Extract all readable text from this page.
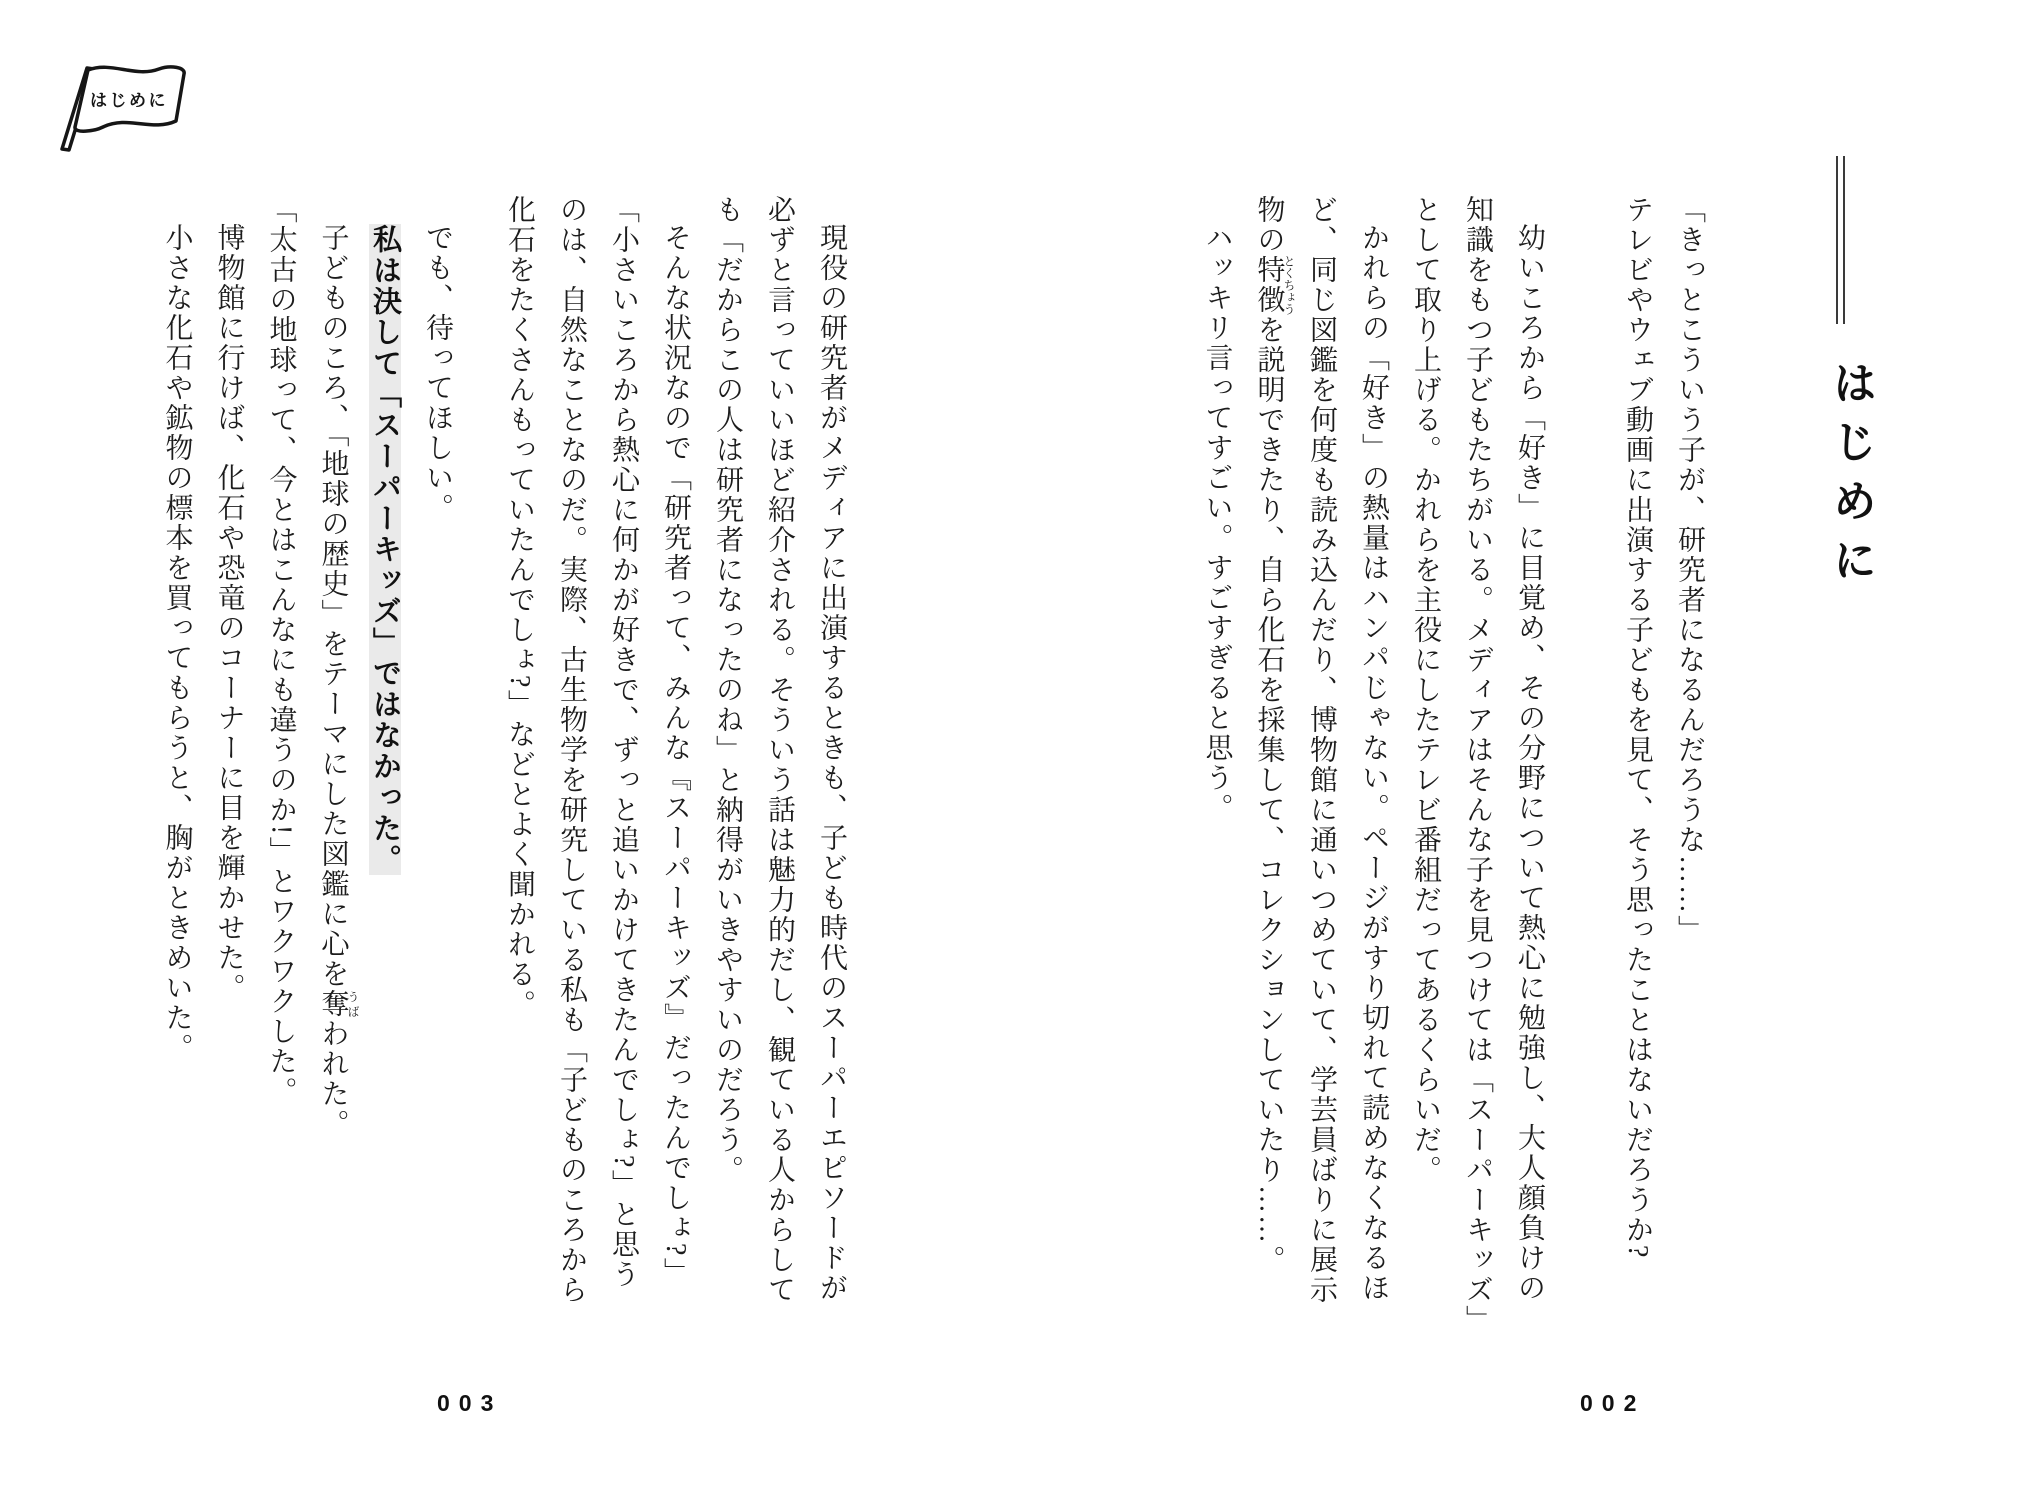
はじめに
はじめに

「きっとこういう子が、研究者になるんだろうな……」

テレビやウェブ動画に出演する子どもを見て、そう思ったことはないだろうか?

幼いころから「好き」に目覚め、その分野について熱心に勉強し、大人顔負けの

知識をもつ子どもたちがいる。メディアはそんな子を見つけては「スーパーキッズ」

として取り上げる。かれらを主役にしたテレビ番組だってあるくらいだ。

かれらの「好き」の熱量はハンパじゃない。ページがすり切れて読めなくなるほ

ど、同じ図鑑を何度も読み込んだり、博物館に通いつめていて、学芸員ばりに展示

物の特徴とくちょうを説明できたり、自ら化石を採集して、コレクションしていたり……。

ハッキリ言ってすごい。すごすぎると思う。

002

現役の研究者がメディアに出演するときも、子ども時代のスーパーエピソードが

必ずと言っていいほど紹介される。そういう話は魅力的だし、観ている人からして

も「だからこの人は研究者になったのね」と納得がいきやすいのだろう。

そんな状況なので「研究者って、みんな『スーパーキッズ』だったんでしょ?」

「小さいころから熱心に何かが好きで、ずっと追いかけてきたんでしょ?」と思う

のは、自然なことなのだ。実際、古生物学を研究している私も「子どものころから

化石をたくさんもっていたんでしょ?」などとよく聞かれる。

でも、待ってほしい。

私は決して「スーパーキッズ」ではなかった。

子どものころ、「地球の歴史」をテーマにした図鑑に心を奪うばわれた。

「太古の地球って、今とはこんなにも違うのか!」とワクワクした。

博物館に行けば、化石や恐竜のコーナーに目を輝かせた。

小さな化石や鉱物の標本を買ってもらうと、胸がときめいた。

003
